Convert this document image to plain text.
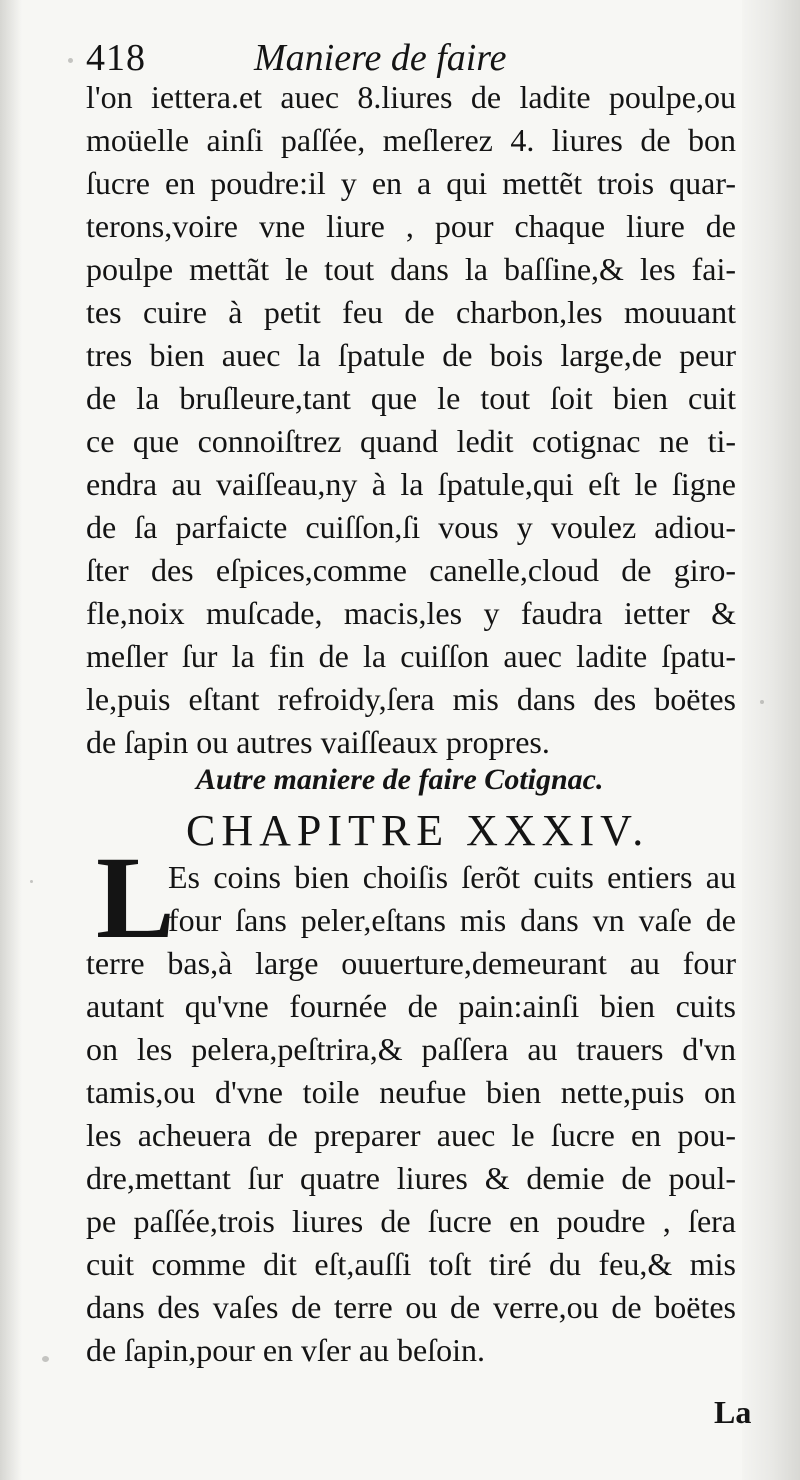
418	Maniere de faire
l'on iettera.et auec 8.liures de ladite poulpe,ou
moüelle ainſi paſſée, meſlerez 4. liures de bon
ſucre en poudre:il y en a qui mettẽt trois quar-
terons,voire vne liure , pour chaque liure de
poulpe mettãt le tout dans la baſſine,& les fai-
tes cuire à petit feu de charbon,les mouuant
tres bien auec la ſpatule de bois large,de peur
de la bruſleure,tant que le tout ſoit bien cuit
ce que connoiſtrez quand ledit cotignac ne ti-
endra au vaiſſeau,ny à la ſpatule,qui eſt le ſigne
de ſa parfaicte cuiſſon,ſi vous y voulez adiou-
ſter des eſpices,comme canelle,cloud de giro-
fle,noix muſcade, macis,les y faudra ietter &
meſler ſur la fin de la cuiſſon auec ladite ſpatu-
le,puis eſtant refroidy,ſera mis dans des boëtes
de ſapin ou autres vaiſſeaux propres.
Autre maniere de faire Cotignac.
CHAPITRE XXXIV.
L
Es coins bien choiſis ſerõt cuits entiers au
four ſans peler,eſtans mis dans vn vaſe de
terre bas,à large ouuerture,demeurant au four
autant qu'vne fournée de pain:ainſi bien cuits
on les pelera,peſtrira,& paſſera au trauers d'vn
tamis,ou d'vne toile neufue bien nette,puis on
les acheuera de preparer auec le ſucre en pou-
dre,mettant ſur quatre liures & demie de poul-
pe paſſée,trois liures de ſucre en poudre , ſera
cuit comme dit eſt,auſſi toſt tiré du feu,& mis
dans des vaſes de terre ou de verre,ou de boëtes
de ſapin,pour en vſer au beſoin.
La
